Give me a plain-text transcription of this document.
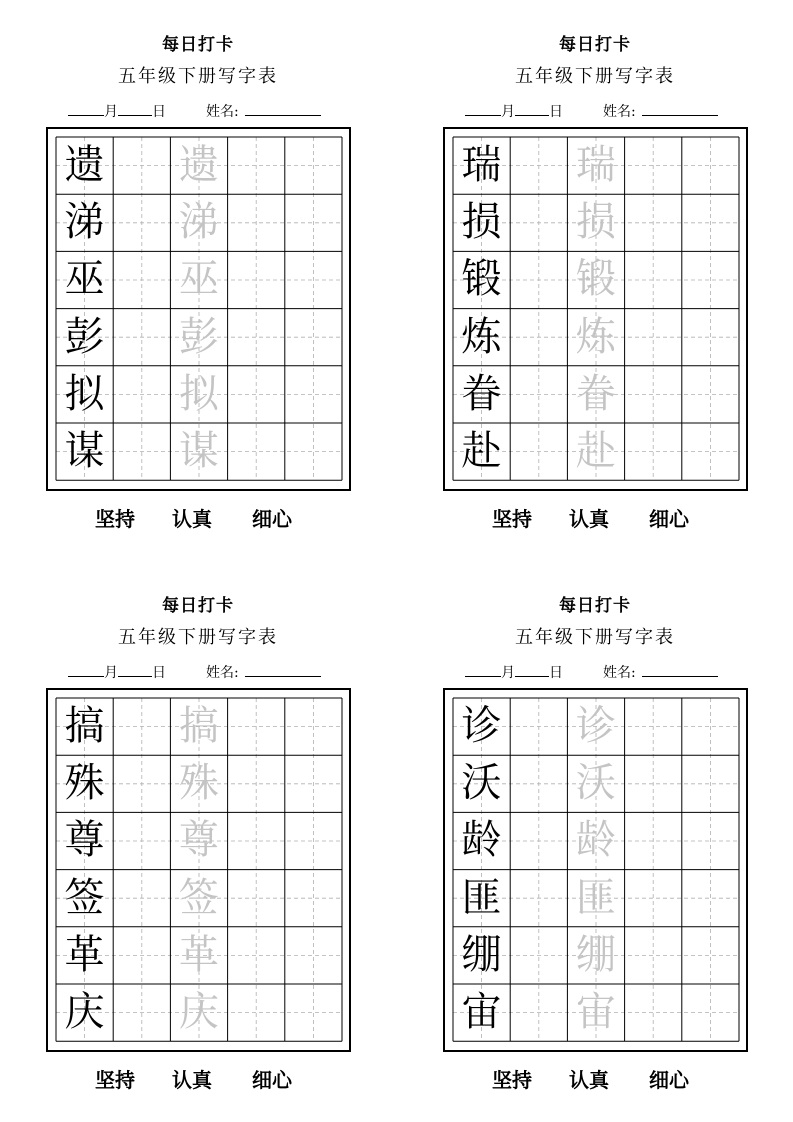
每日打卡
五年级下册写字表
月 日	姓名:
遗 遗
涕 涕
巫 巫
彭 彭
拟 拟
谋 谋
坚持 认真 细心
每日打卡
五年级下册写字表
月 日	姓名:
瑞 瑞
损 损
锻 锻
炼 炼
眷 眷
赴 赴
坚持 认真 细心
每日打卡
五年级下册写字表
月 日	姓名:
搞 搞
殊 殊
尊 尊
签 签
革 革
庆 庆
坚持 认真 细心
每日打卡
五年级下册写字表
月 日	姓名:
诊 诊
沃 沃
龄 龄
匪 匪
绷 绷
宙 宙
坚持 认真 细心
